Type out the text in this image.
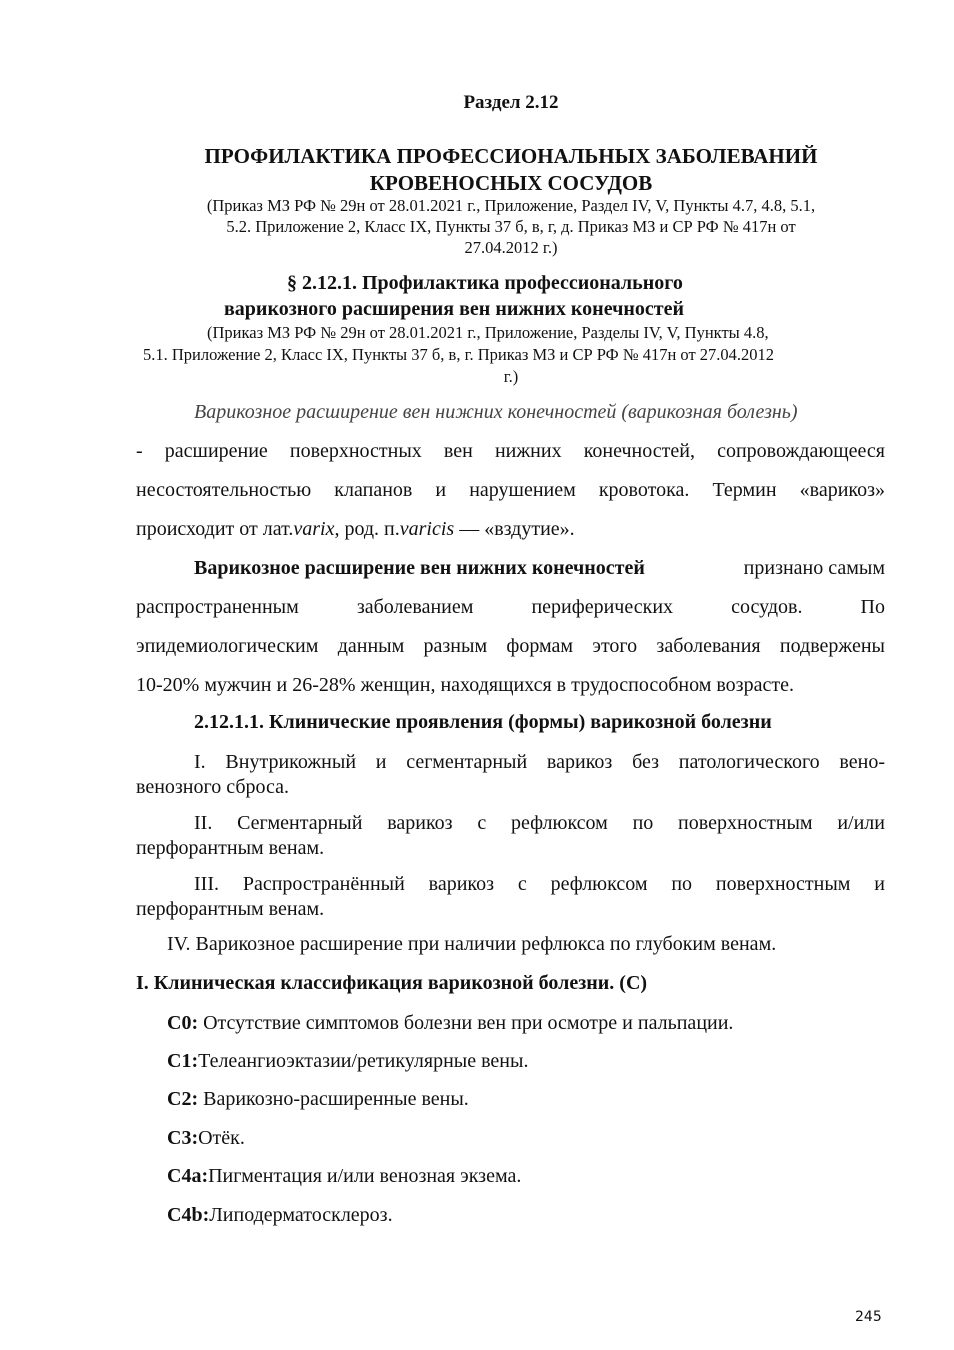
Раздел 2.12
ПРОФИЛАКТИКА ПРОФЕССИОНАЛЬНЫХ ЗАБОЛЕВАНИЙ
КРОВЕНОСНЫХ СОСУДОВ
(Приказ МЗ РФ № 29н от 28.01.2021 г., Приложение, Раздел IV, V, Пункты 4.7, 4.8, 5.1,
5.2. Приложение 2, Класс IX, Пункты 37 б, в, г, д. Приказ МЗ и СР РФ № 417н от
27.04.2012 г.)
§ 2.12.1. Профилактика профессионального
варикозного расширения вен нижних конечностей
(Приказ МЗ РФ № 29н от 28.01.2021 г., Приложение, Разделы IV, V, Пункты 4.8,
5.1. Приложение 2, Класс IX, Пункты 37 б, в, г. Приказ МЗ и СР РФ № 417н от 27.04.2012
г.)
Варикозное расширение вен нижних конечностей (варикозная болезнь)
- расширение поверхностных вен нижних конечностей, сопровождающееся
несостоятельностью клапанов и нарушением кровотока. Термин «варикоз»
происходит от лат.varix, род. п.varicis — «вздутие».
Варикозное расширение вен нижних конечностей	признано самым
распространенным заболеванием периферических сосудов. По
эпидемиологическим данным разным формам этого заболевания подвержены
10-20% мужчин и 26-28% женщин, находящихся в трудоспособном возрасте.
2.12.1.1. Клинические проявления (формы) варикозной болезни
I. Внутрикожный и сегментарный варикоз без патологического вено-
венозного сброса.
II. Сегментарный варикоз с рефлюксом по поверхностным и/или
перфорантным венам.
III. Распространённый варикоз с рефлюксом по поверхностным и
перфорантным венам.
IV. Варикозное расширение при наличии рефлюкса по глубоким венам.
I. Клиническая классификация варикозной болезни. (С)
С0: Отсутствие симптомов болезни вен при осмотре и пальпации.
С1:Телеангиоэктазии/ретикулярные вены.
С2: Варикозно-расширенные вены.
С3:Отёк.
С4а:Пигментация и/или венозная экзема.
С4b:Липодерматосклероз.
245
